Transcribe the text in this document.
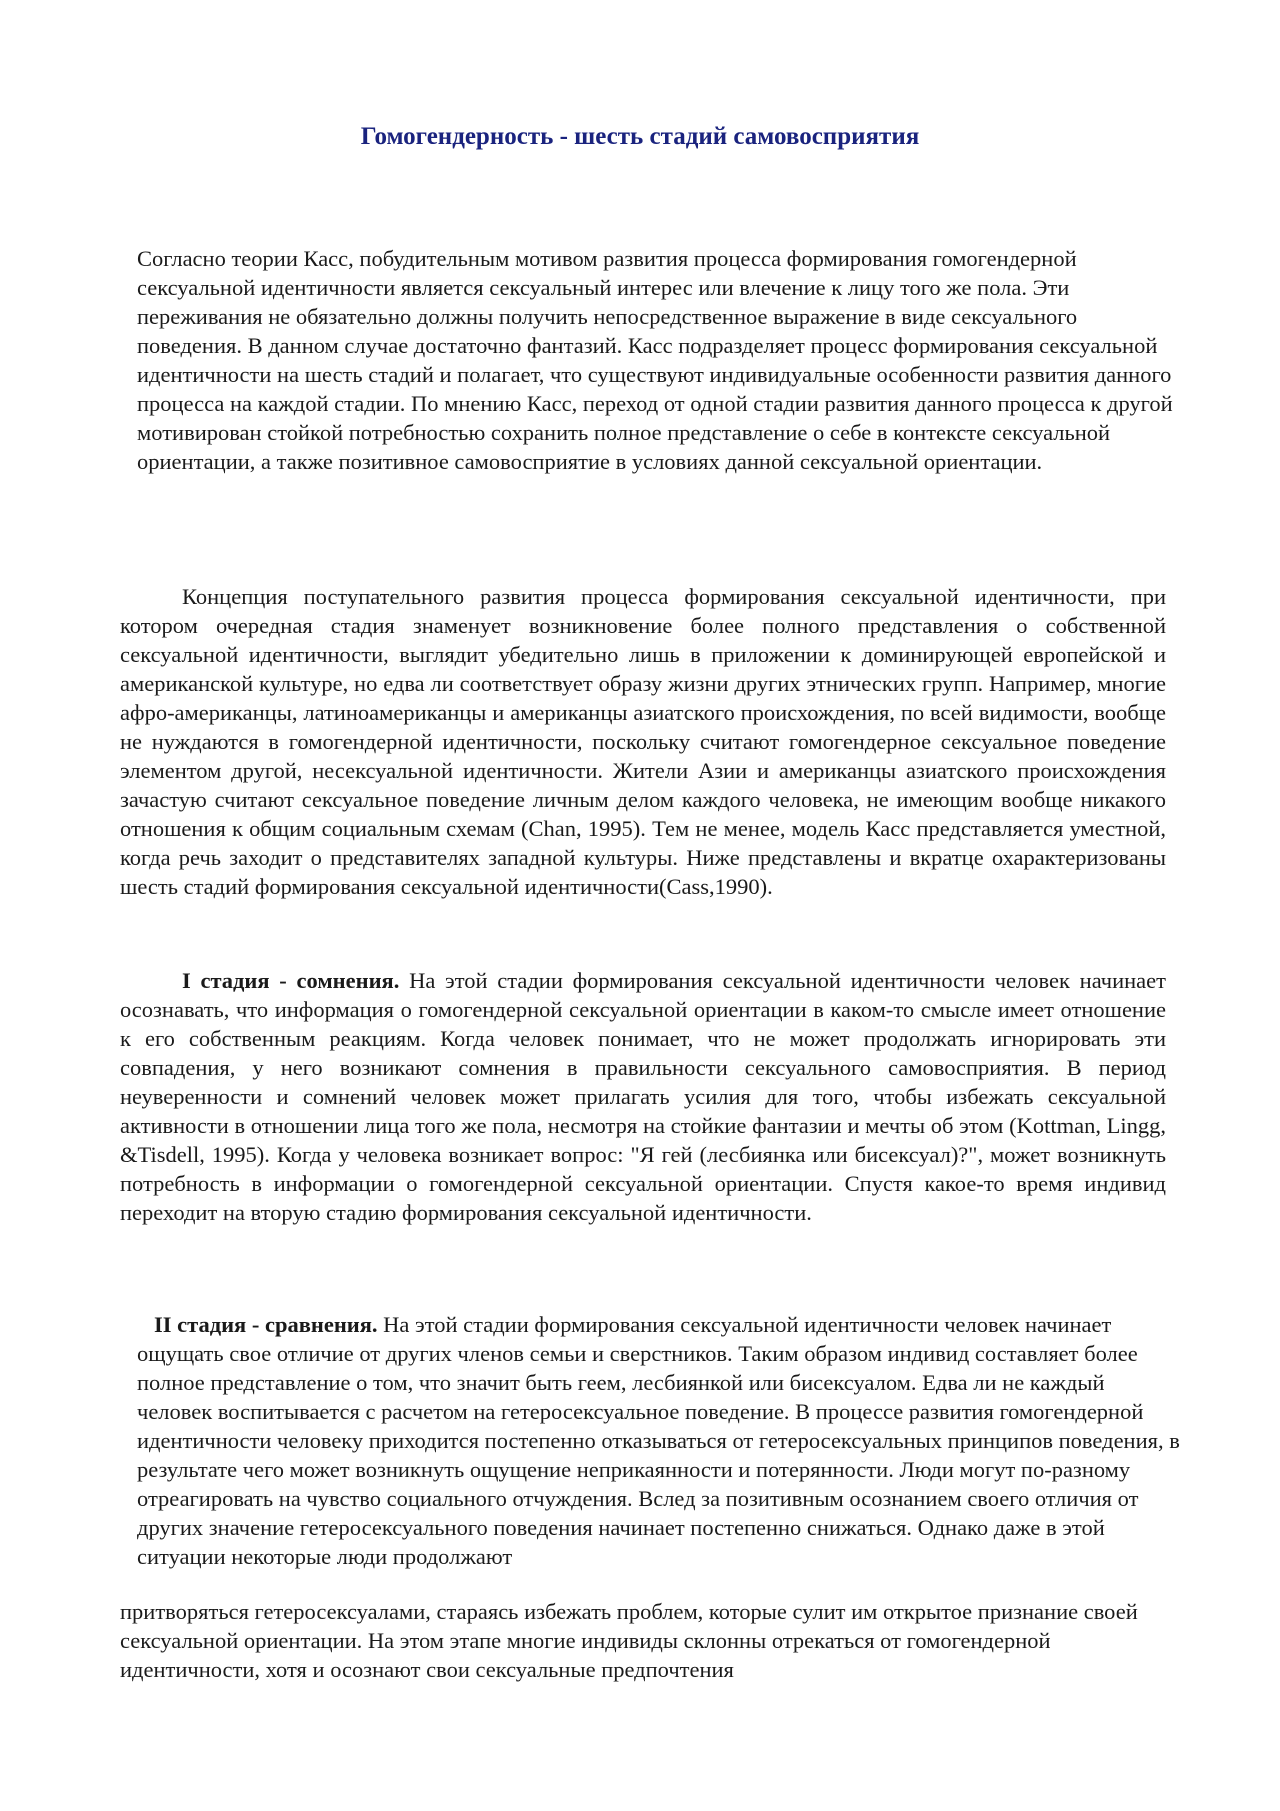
Гомогендерность - шесть стадий самовосприятия

Согласно теории Касс, побудительным мотивом развития процесса формирования гомогендерной сексуальной идентичности является сексуальный интерес или влечение к лицу того же пола. Эти переживания не обязательно должны получить непосредственное выражение в виде сексуального поведения. В данном случае достаточно фантазий. Касс подразделяет процесс формирования сексуальной идентичности на шесть стадий и полагает, что существуют индивидуальные особенности развития данного процесса на каждой стадии. По мнению Касс, переход от одной стадии развития данного процесса к другой мотивирован стойкой потребностью сохранить полное представление о себе в контексте сексуальной ориентации, а также позитивное самовосприятие в условиях данной сексуальной ориентации.

Концепция поступательного развития процесса формирования сексуальной идентичности, при котором очередная стадия знаменует возникновение более полного представления о собственной сексуальной идентичности, выглядит убедительно лишь в приложении к доминирующей европейской и американской культуре, но едва ли соответствует образу жизни других этнических групп. Например, многие афро-американцы, латиноамериканцы и американцы азиатского происхождения, по всей видимости, вообще не нуждаются в гомогендерной идентичности, поскольку считают гомогендерное сексуальное поведение элементом другой, несексуальной идентичности. Жители Азии и американцы азиатского происхождения зачастую считают сексуальное поведение личным делом каждого человека, не имеющим вообще никакого отношения к общим социальным схемам (Chan, 1995). Тем не менее, модель Касс представляется уместной, когда речь заходит о представителях западной культуры. Ниже представлены и вкратце охарактеризованы шесть стадий формирования сексуальной идентичности(Cass,1990).

I стадия - сомнения. На этой стадии формирования сексуальной идентичности человек начинает осознавать, что информация о гомогендерной сексуальной ориентации в каком-то смысле имеет отношение к его собственным реакциям. Когда человек понимает, что не может продолжать игнорировать эти совпадения, у него возникают сомнения в правильности сексуального самовосприятия. В период неуверенности и сомнений человек может прилагать усилия для того, чтобы избежать сексуальной активности в отношении лица того же пола, несмотря на стойкие фантазии и мечты об этом (Kottman, Lingg, &Tisdell, 1995). Когда у человека возникает вопрос: "Я гей (лесбиянка или бисексуал)?", может возникнуть потребность в информации о гомогендерной сексуальной ориентации. Спустя какое-то время индивид переходит на вторую стадию формирования сексуальной идентичности.

II стадия - сравнения. На этой стадии формирования сексуальной идентичности человек начинает ощущать свое отличие от других членов семьи и сверстников. Таким образом индивид составляет более полное представление о том, что значит быть геем, лесбиянкой или бисексуалом. Едва ли не каждый человек воспитывается с расчетом на гетеросексуальное поведение. В процессе развития гомогендерной идентичности человеку приходится постепенно отказываться от гетеросексуальных принципов поведения, в результате чего может возникнуть ощущение неприкаянности и потерянности. Люди могут по-разному отреагировать на чувство социального отчуждения. Вслед за позитивным осознанием своего отличия от других значение гетеросексуального поведения начинает постепенно снижаться. Однако даже в этой ситуации некоторые люди продолжают

притворяться гетеросексуалами, стараясь избежать проблем, которые сулит им открытое признание своей сексуальной ориентации. На этом этапе многие индивиды склонны отрекаться от гомогендерной идентичности, хотя и осознают свои сексуальные предпочтения
